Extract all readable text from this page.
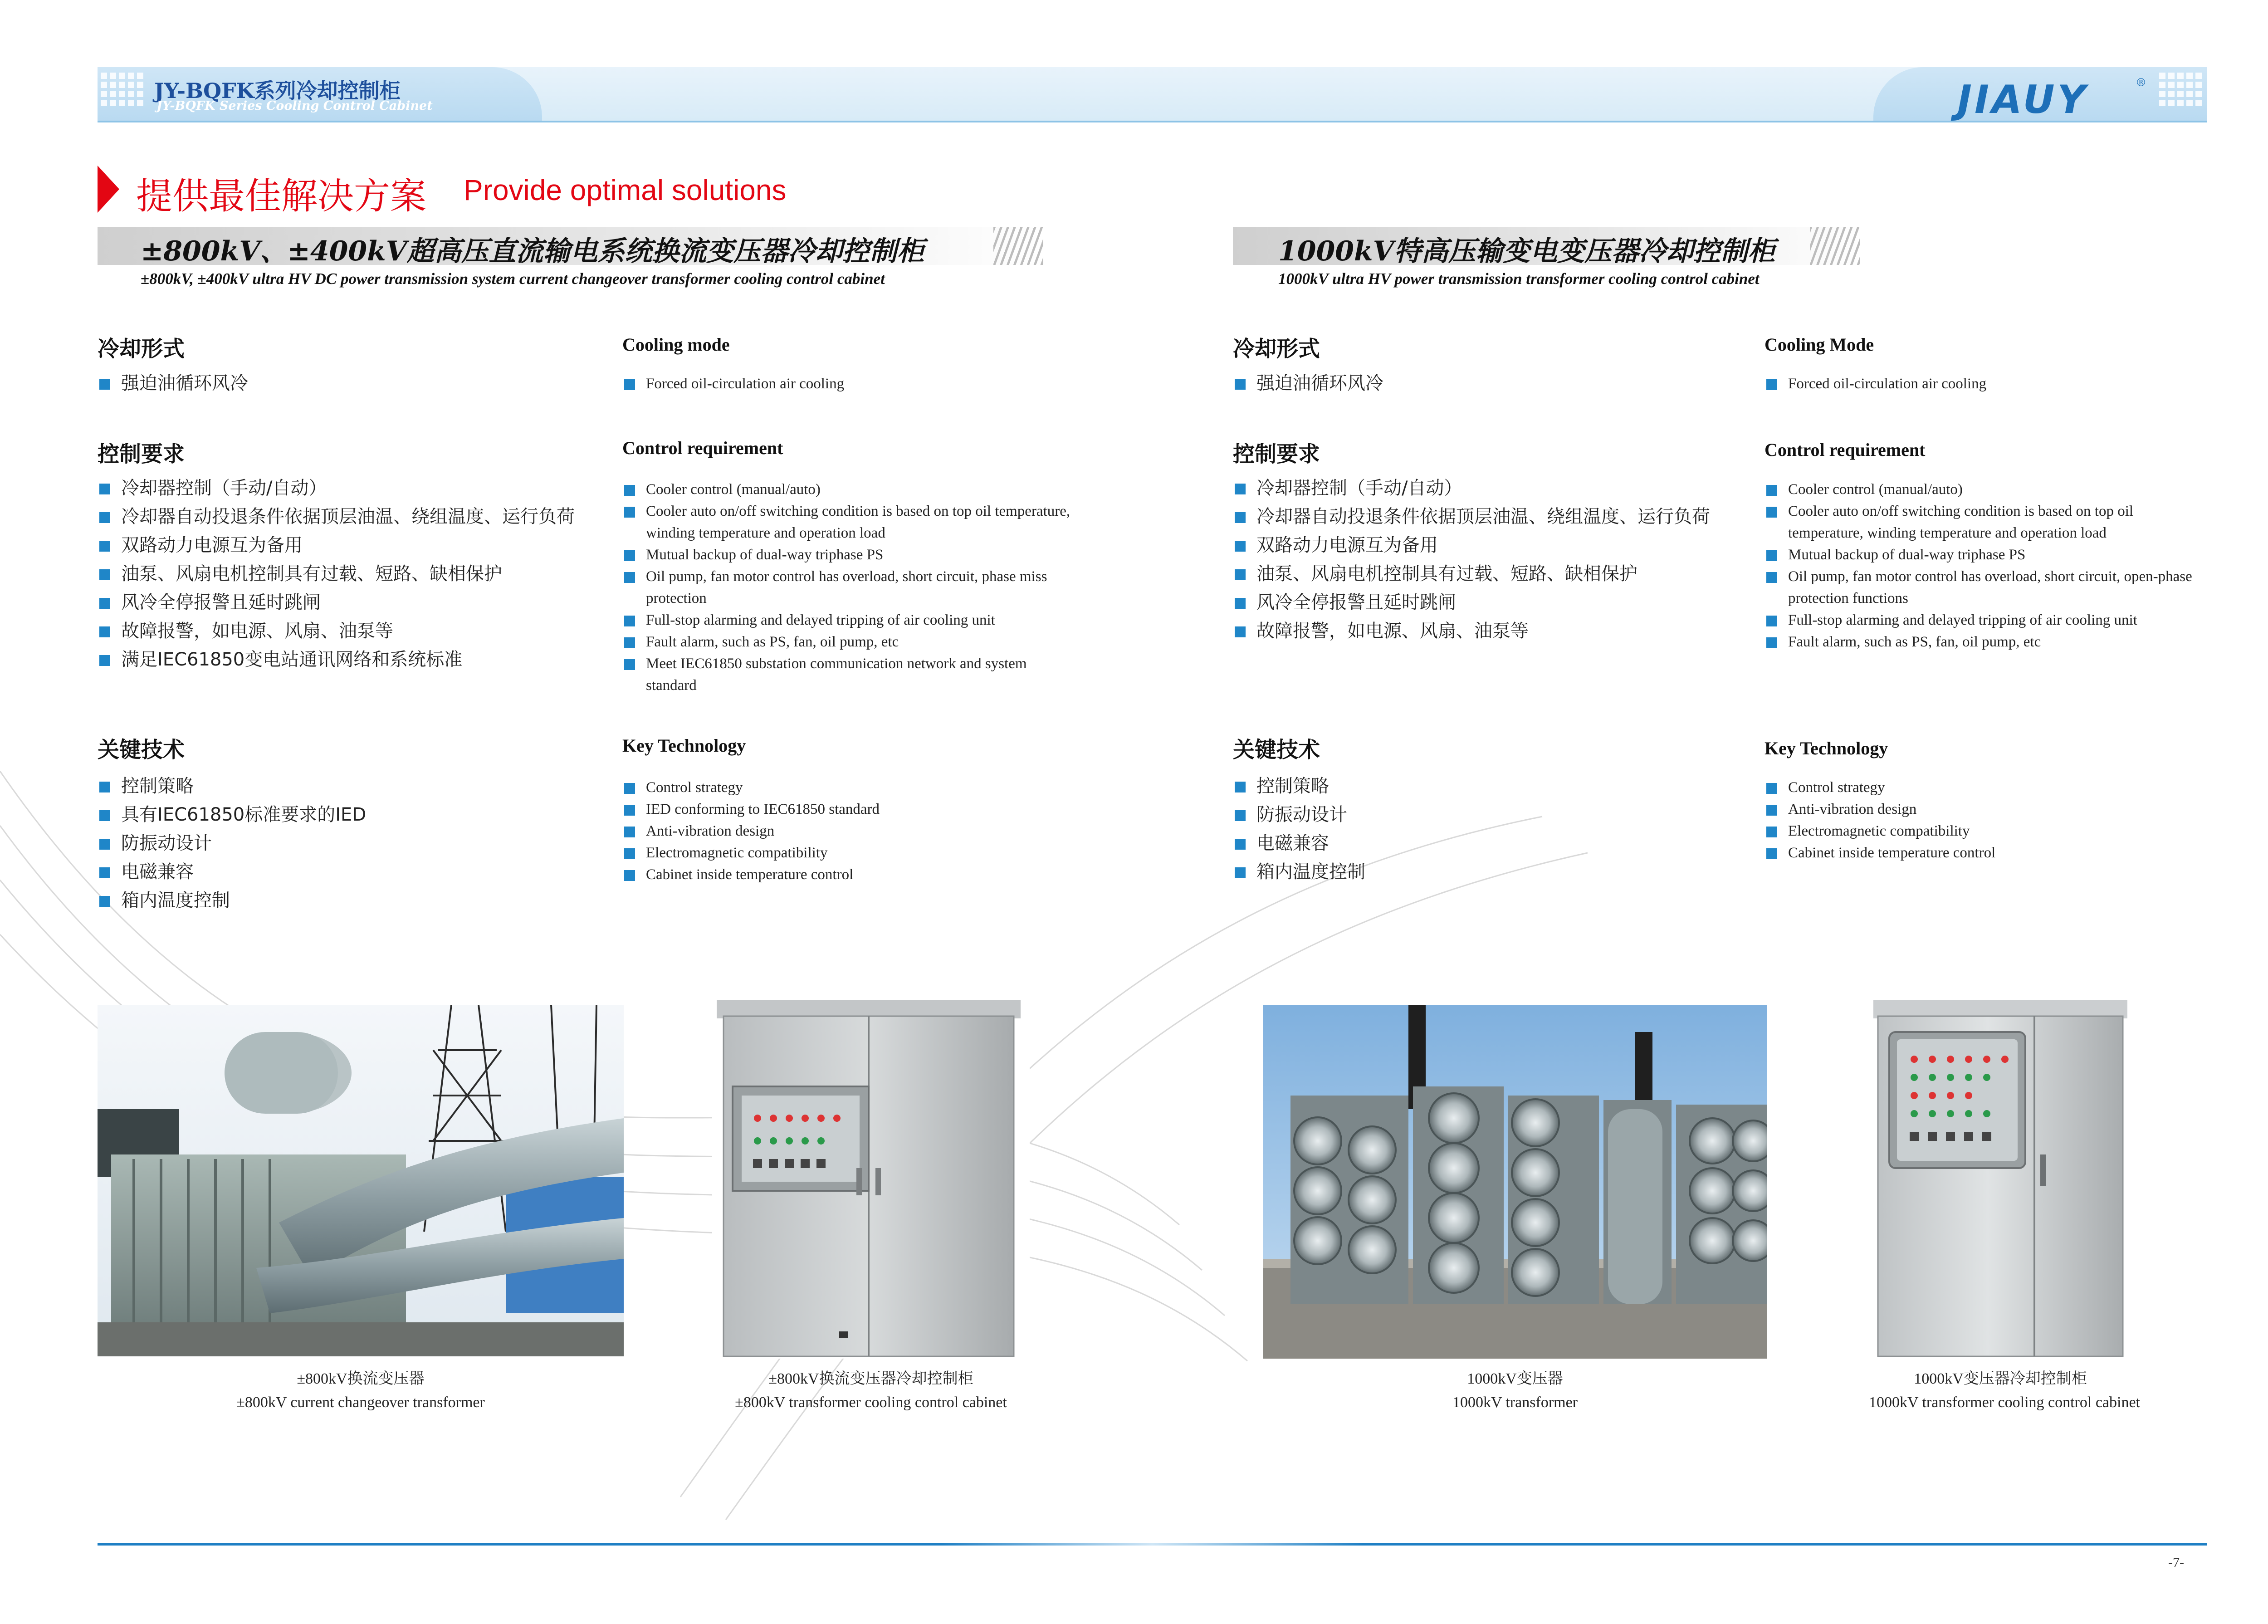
JY-BQFK系列冷却控制柜
JY-BQFK Series Cooling Control Cabinet	JIAUY	®
提供最佳解决方案 Provide optimal solutions
±800kV、±400kV超高压直流输电系统换流变压器冷却控制柜
±800kV, ±400kV ultra HV DC power transmission system current changeover transformer cooling control cabinet
冷却形式	Cooling mode
强迫油循环风冷	Forced oil-circulation air cooling
控制要求	Control requirement
冷却器控制（手动/自动）
冷却器自动投退条件依据顶层油温、绕组温度、运行负荷
双路动力电源互为备用
油泵、风扇电机控制具有过载、短路、缺相保护
风冷全停报警且延时跳闸
故障报警，如电源、风扇、油泵等
满足IEC61850变电站通讯网络和系统标准
Cooler control (manual/auto)
Cooler auto on/off switching condition is based on top oil temperature, winding temperature and operation load
Mutual backup of dual-way triphase PS
Oil pump, fan motor control has overload, short circuit, phase miss protection
Full-stop alarming and delayed tripping of air cooling unit
Fault alarm, such as PS, fan, oil pump, etc
Meet IEC61850 substation communication network and system standard
关键技术	Key Technology
控制策略
具有IEC61850标准要求的IED
防振动设计
电磁兼容
箱内温度控制
Control strategy
IED conforming to IEC61850 standard
Anti-vibration design
Electromagnetic compatibility
Cabinet inside temperature control
1000kV特高压输变电变压器冷却控制柜
1000kV ultra HV power transmission transformer cooling control cabinet
冷却形式	Cooling Mode
强迫油循环风冷	Forced oil-circulation air cooling
控制要求	Control requirement
冷却器控制（手动/自动）
冷却器自动投退条件依据顶层油温、绕组温度、运行负荷
双路动力电源互为备用
油泵、风扇电机控制具有过载、短路、缺相保护
风冷全停报警且延时跳闸
故障报警，如电源、风扇、油泵等
Cooler control (manual/auto)
Cooler auto on/off switching condition is based on top oil temperature, winding temperature and operation load
Mutual backup of dual-way triphase PS
Oil pump, fan motor control has overload, short circuit, open-phase protection functions
Full-stop alarming and delayed tripping of air cooling unit
Fault alarm, such as PS, fan, oil pump, etc
关键技术	Key Technology
控制策略
防振动设计
电磁兼容
箱内温度控制
Control strategy
Anti-vibration design
Electromagnetic compatibility
Cabinet inside temperature control
±800kV换流变压器
±800kV current changeover transformer
±800kV换流变压器冷却控制柜
±800kV transformer cooling control cabinet
1000kV变压器
1000kV transformer
1000kV变压器冷却控制柜
1000kV transformer cooling control cabinet
-7-
